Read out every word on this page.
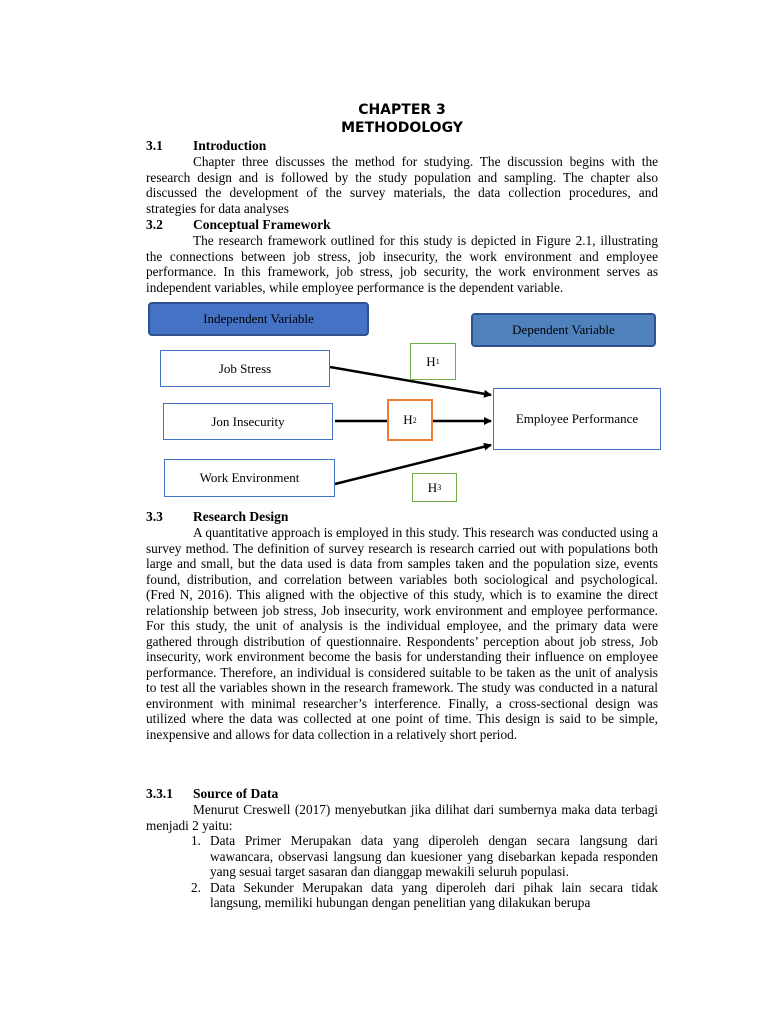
CHAPTER 3
METHODOLOGY
3.1 Introduction
Chapter three discusses the method for studying. The discussion begins with the research design and is followed by the study population and sampling. The chapter also discussed the development of the survey materials, the data collection procedures, and strategies for data analyses
3.2 Conceptual Framework
The research framework outlined for this study is depicted in Figure 2.1, illustrating the connections between job stress, job insecurity, the work environment and employee performance. In this framework, job stress, job security, the work environment serves as independent variables, while employee performance is the dependent variable.
Independent Variable
Dependent Variable
Job Stress
Jon Insecurity
Work Environment
Employee Performance
H 1
H 2
H 3
3.3 Research Design
A quantitative approach is employed in this study. This research was conducted using a survey method. The definition of survey research is research carried out with populations both large and small, but the data used is data from samples taken and the population size, events found, distribution, and correlation between variables both sociological and psychological. (Fred N, 2016). This aligned with the objective of this study, which is to examine the direct relationship between job stress, Job insecurity, work environment and employee performance. For this study, the unit of analysis is the individual employee, and the primary data were gathered through distribution of questionnaire. Respondents’ perception about job stress, Job insecurity, work environment become the basis for understanding their influence on employee performance. Therefore, an individual is considered suitable to be taken as the unit of analysis to test all the variables shown in the research framework. The study was conducted in a natural environment with minimal researcher’s interference. Finally, a cross-sectional design was utilized where the data was collected at one point of time. This design is said to be simple, inexpensive and allows for data collection in a relatively short period.
3.3.1 Source of Data
Menurut Creswell (2017) menyebutkan jika dilihat dari sumbernya maka data terbagi menjadi 2 yaitu:
1. Data Primer Merupakan data yang diperoleh dengan secara langsung dari wawancara, observasi langsung dan kuesioner yang disebarkan kepada responden yang sesuai target sasaran dan dianggap mewakili seluruh populasi.
2. Data Sekunder Merupakan data yang diperoleh dari pihak lain secara tidak langsung, memiliki hubungan dengan penelitian yang dilakukan berupa
